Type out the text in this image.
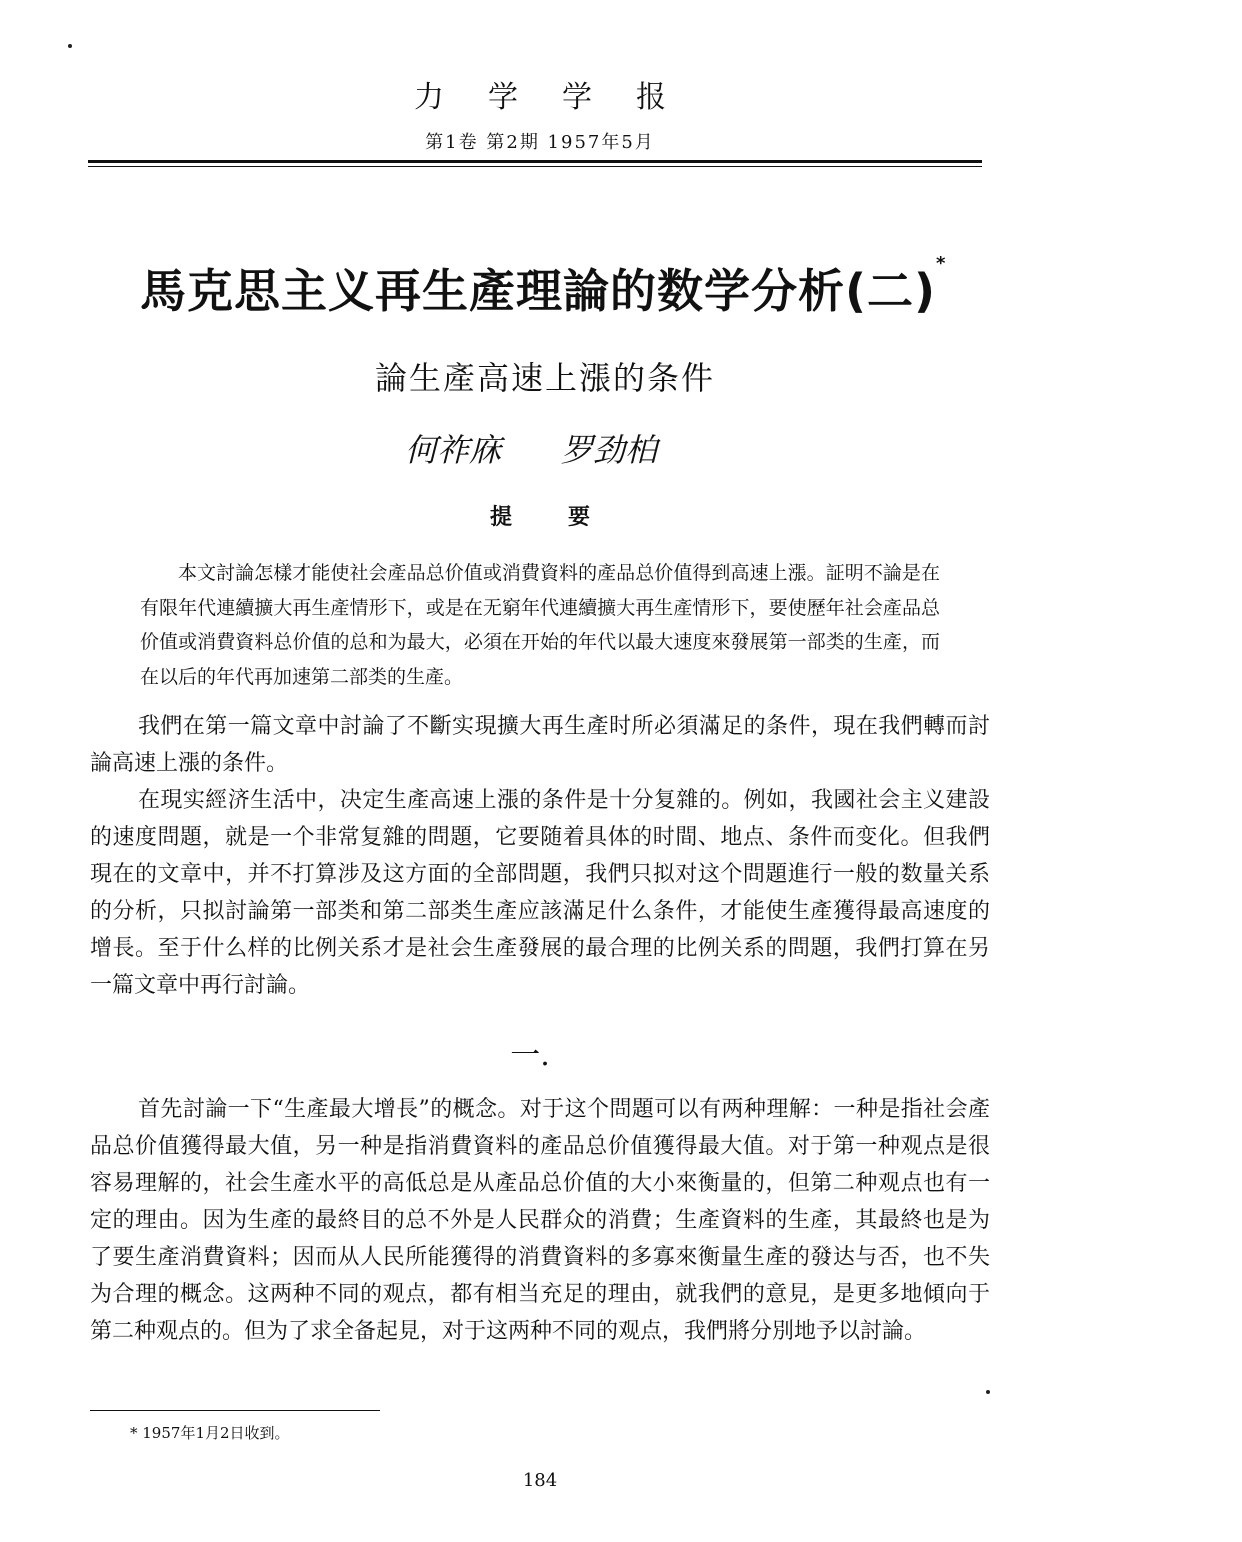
力学学报
第1卷 第2期 1957年5月
馬克思主义再生產理論的数学分析(二)*
論生產高速上漲的条件
何祚庥 罗劲柏
提要
本文討論怎樣才能使社会產品总价值或消費資料的產品总价值得到高速上漲。証明不論是在有限年代連續擴大再生產情形下，或是在无窮年代連續擴大再生產情形下，要使歷年社会產品总价值或消費資料总价值的总和为最大，必須在开始的年代以最大速度來發展第一部类的生產，而在以后的年代再加速第二部类的生產。
我們在第一篇文章中討論了不斷实現擴大再生產时所必須滿足的条件，現在我們轉而討論高速上漲的条件。
在現实經济生活中，决定生產高速上漲的条件是十分复雜的。例如，我國社会主义建設的速度問題，就是一个非常复雜的問題，它要随着具体的时間、地点、条件而变化。但我們現在的文章中，并不打算涉及这方面的全部問題，我們只拟对这个問題進行一般的数量关系的分析，只拟討論第一部类和第二部类生產应該滿足什么条件，才能使生產獲得最高速度的增長。至于什么样的比例关系才是社会生產發展的最合理的比例关系的問題，我們打算在另一篇文章中再行討論。
一.
首先討論一下“生產最大增長”的概念。对于这个問題可以有两种理解：一种是指社会產品总价值獲得最大值，另一种是指消費資料的產品总价值獲得最大值。对于第一种观点是很容易理解的，社会生產水平的高低总是从產品总价值的大小來衡量的，但第二种观点也有一定的理由。因为生產的最終目的总不外是人民群众的消費；生產資料的生產，其最終也是为了要生產消費資料；因而从人民所能獲得的消費資料的多寡來衡量生產的發达与否，也不失为合理的概念。这两种不同的观点，都有相当充足的理由，就我們的意見，是更多地傾向于第二种观点的。但为了求全备起見，对于这两种不同的观点，我們將分別地予以討論。
* 1957年1月2日收到。
184
